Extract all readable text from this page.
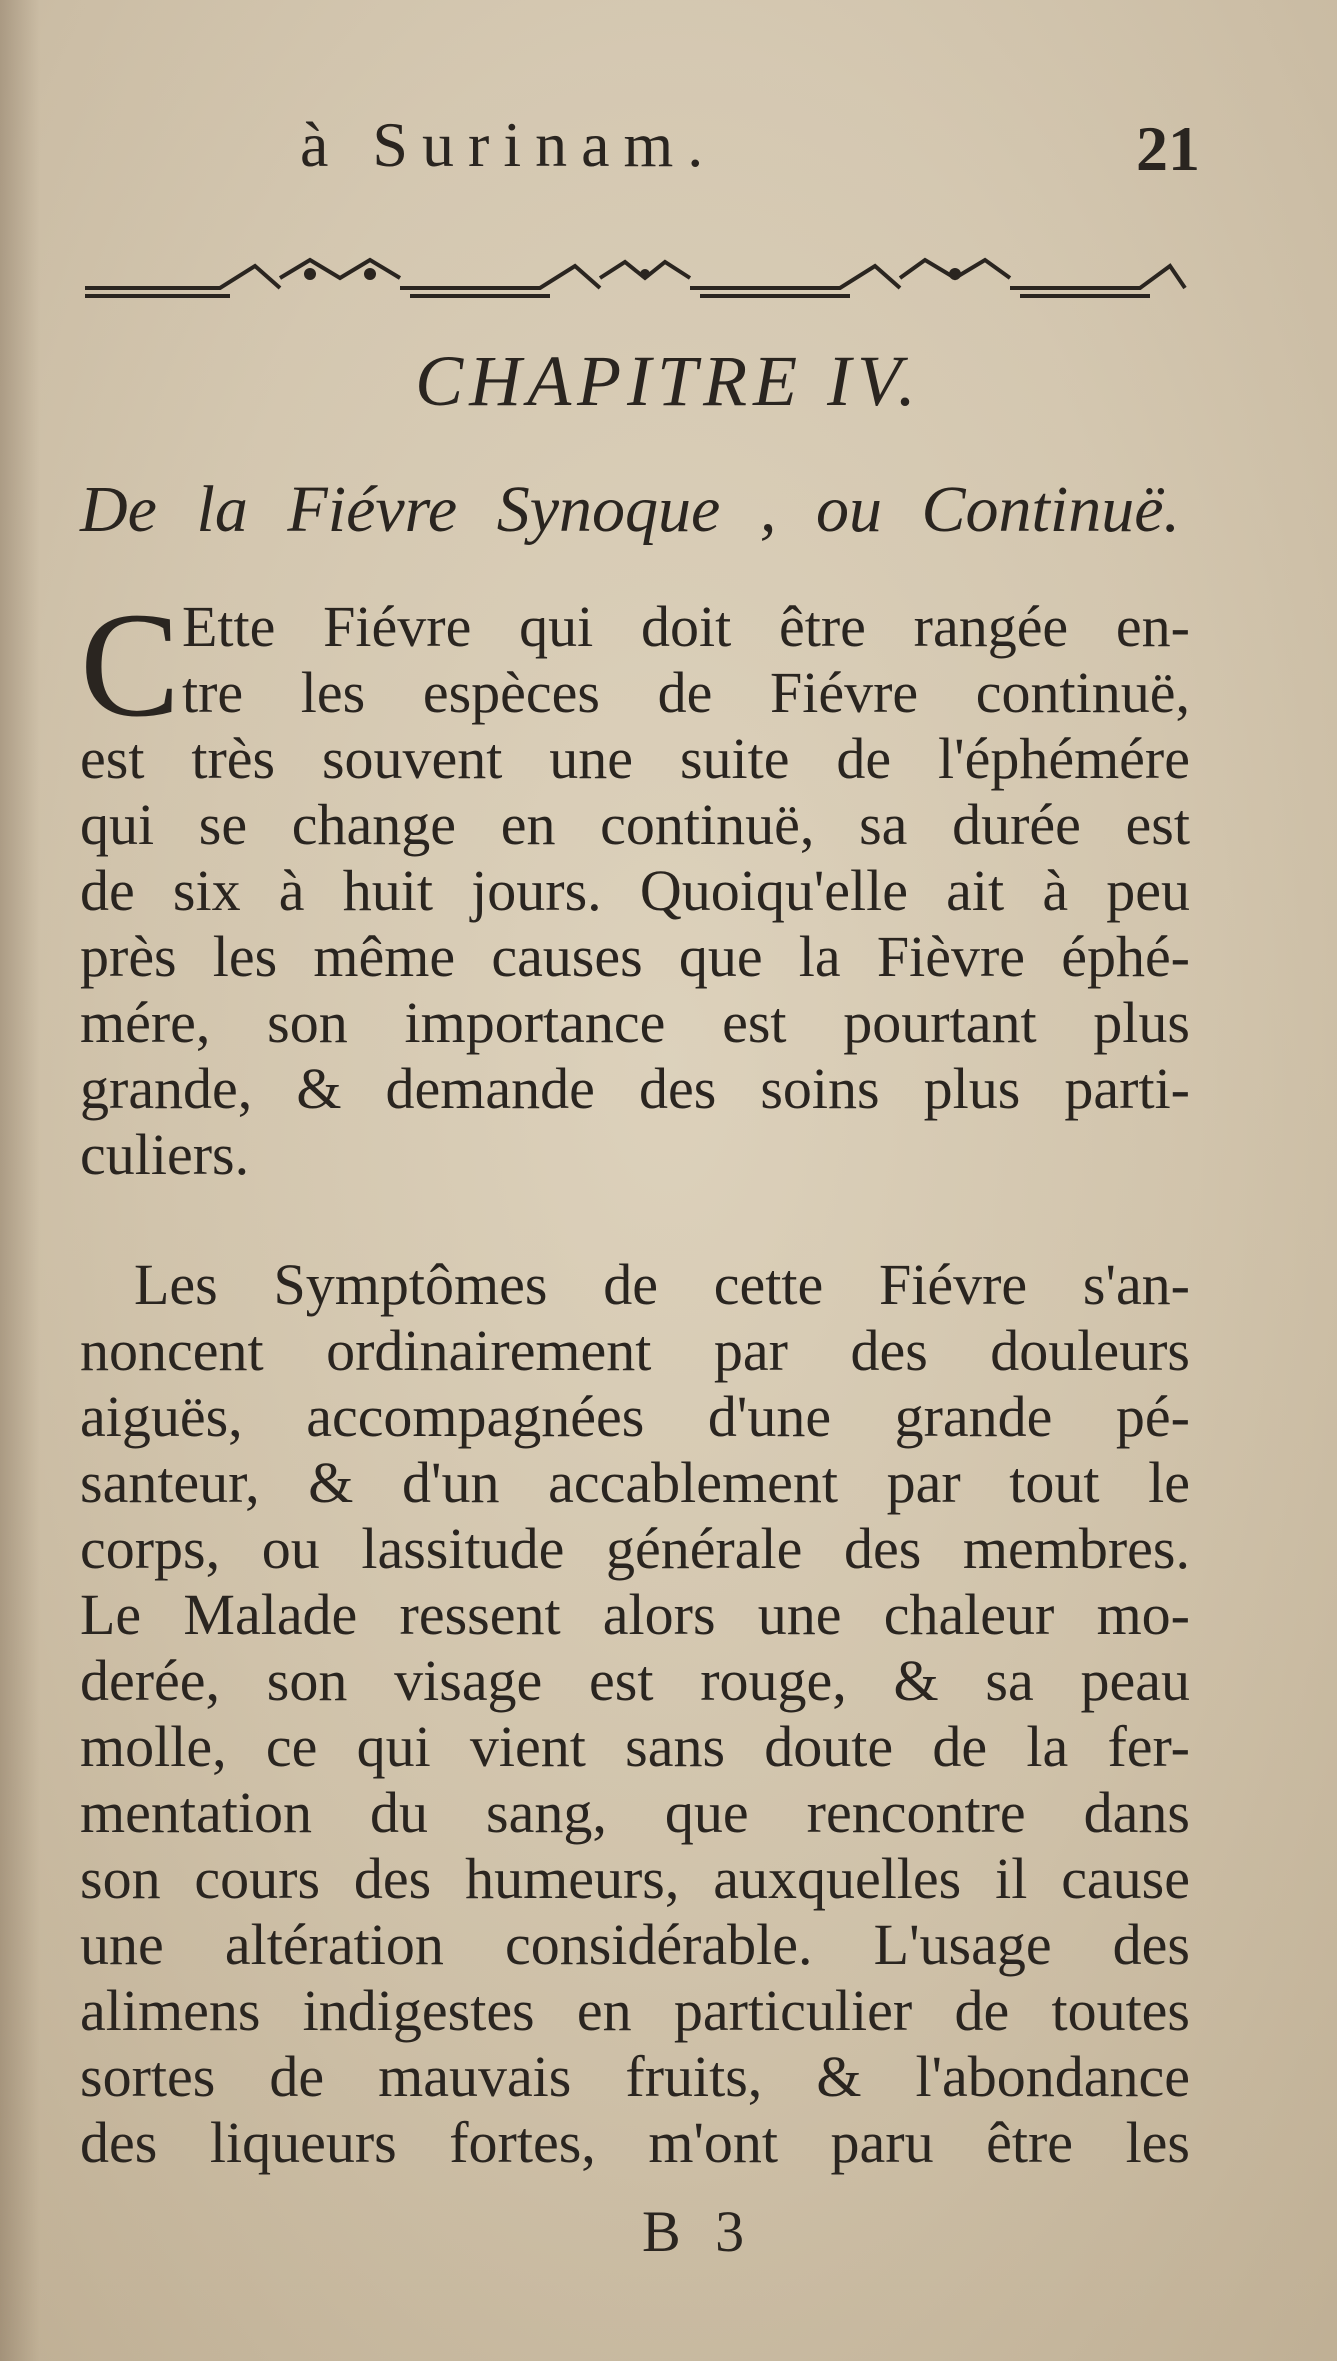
à Surinam.	21
CHAPITRE IV.
De la Fiévre Synoque , ou Continuë.
C Ette Fiévre qui doit être rangée en-
tre les espèces de Fiévre continuë,
est très souvent une suite de l'éphémére
qui se change en continuë, sa durée est
de six à huit jours. Quoiqu'elle ait à peu
près les même causes que la Fièvre éphé-
mére, son importance est pourtant plus
grande, & demande des soins plus parti-
culiers.
Les Symptômes de cette Fiévre s'an-
noncent ordinairement par des douleurs
aiguës, accompagnées d'une grande pé-
santeur, & d'un accablement par tout le
corps, ou lassitude générale des membres.
Le Malade ressent alors une chaleur mo-
derée, son visage est rouge, & sa peau
molle, ce qui vient sans doute de la fer-
mentation du sang, que rencontre dans
son cours des humeurs, auxquelles il cause
une altération considérable. L'usage des
alimens indigestes en particulier de toutes
sortes de mauvais fruits, & l'abondance
des liqueurs fortes, m'ont paru être les
B 3
